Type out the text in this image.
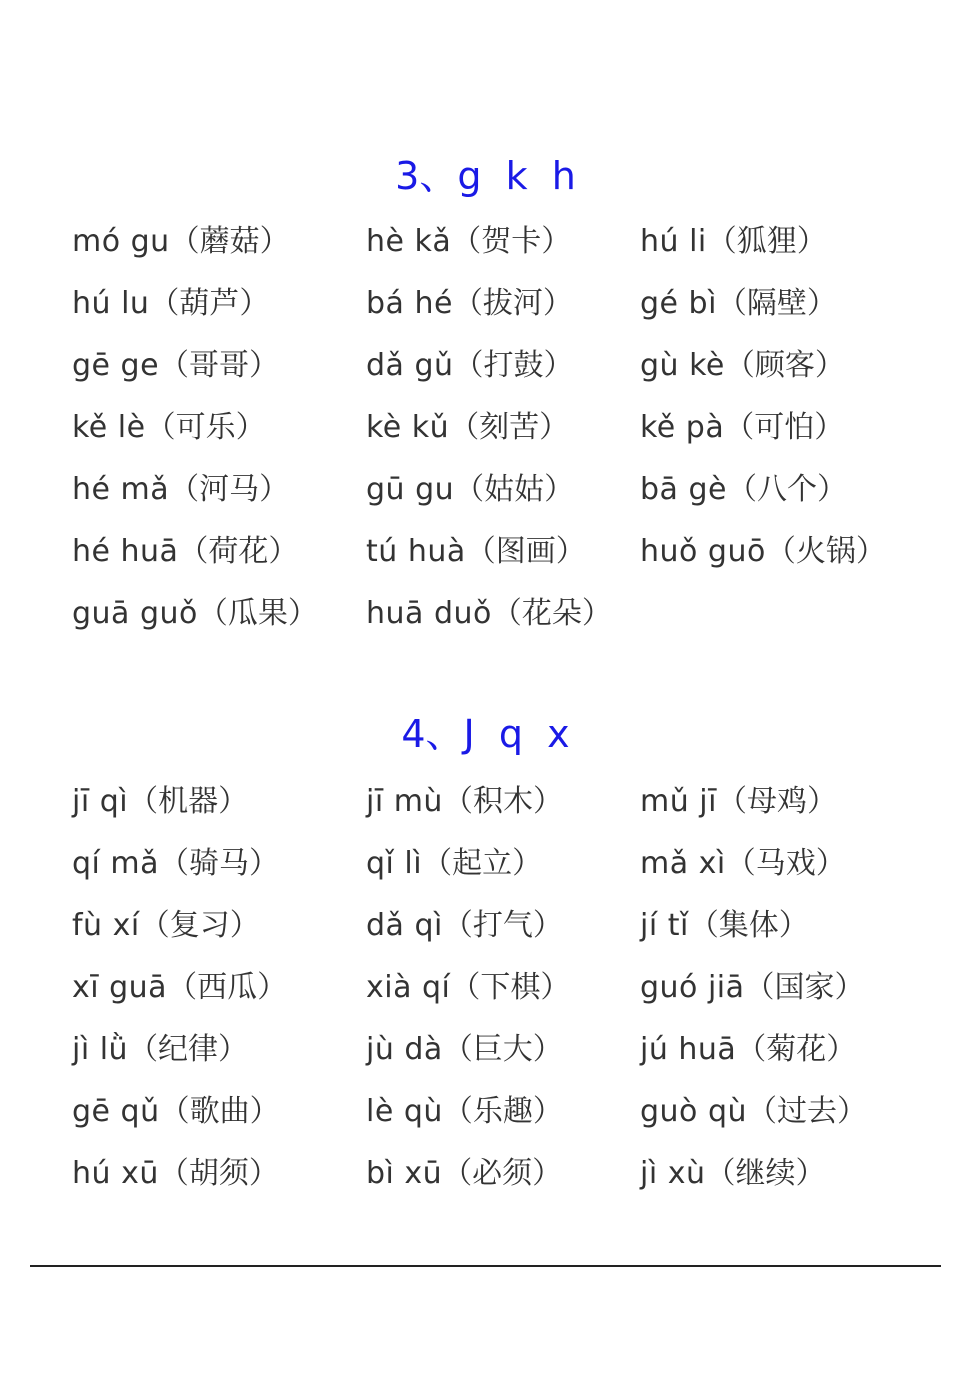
3、g  k  h
mó gu（蘑菇）	hè kǎ（贺卡） hú li（狐狸）
hú lu（葫芦）	bá hé（拔河） gé bì（隔壁）
gē ge（哥哥）	dǎ gǔ（打鼓） gù kè（顾客）
kě lè（可乐）	kè kǔ（刻苦） kě pà（可怕）
hé mǎ（河马）	gū gu（姑姑） bā gè（八个）
hé huā（荷花） tú huà（图画） huǒ guō（火锅）
guā guǒ（瓜果） huā duǒ（花朵）
4、J  q  x
jī qì（机器）	jī mù（积木）	mǔ jī（母鸡）
qí mǎ（骑马）	qǐ lì（起立）	mǎ xì（马戏）
fù xí（复习）	dǎ qì（打气）	jí tǐ（集体）
xī guā（西瓜）	xià qí（下棋） guó jiā（国家）
jì lǜ（纪律）	jù dà（巨大）	jú huā（菊花）
gē qǔ（歌曲）	lè qù（乐趣）	guò qù（过去）
hú xū（胡须）	bì xū（必须）	jì xù（继续）
